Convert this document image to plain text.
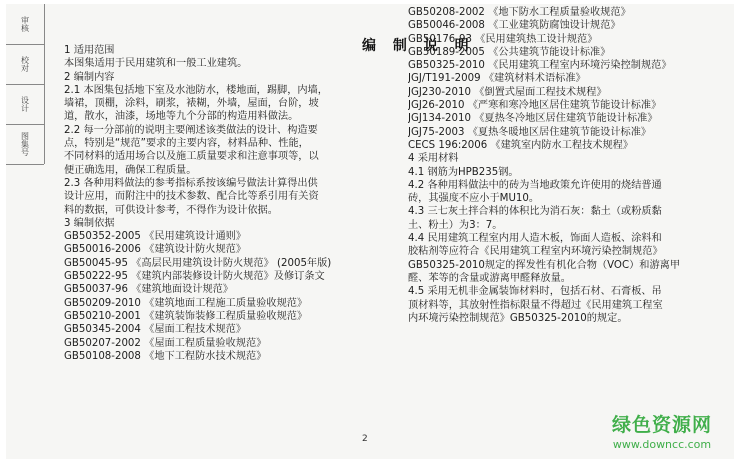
审核
校对
设计
图集号
编 制 说 明
1 适用范围
本图集适用于民用建筑和一般工业建筑。
2 编制内容
2.1 本图集包括地下室及水池防水，楼地面，踢脚，内墙，
墙裙，顶棚，涂料，刷浆，裱糊，外墙，屋面，台阶，坡
道，散水，油漆，场地等九个分部的构造用料做法。
2.2 每一分部前的说明主要阐述该类做法的设计、构造要
点，特别是“规范”要求的主要内容，材料品种、性能，
不同材料的适用场合以及施工质量要求和注意事项等，以
便正确选用，确保工程质量。
2.3 各种用料做法的参考指标系按该编号做法计算得出供
设计应用，而附注中的技术参数、配合比等系引用有关资
料的数据，可供设计参考，不得作为设计依据。
3 编制依据
GB50352-2005 《民用建筑设计通则》
GB50016-2006 《建筑设计防火规范》
GB50045-95 《高层民用建筑设计防火规范》 (2005年版)
GB50222-95 《建筑内部装修设计防火规范》及修订条文
GB50037-96 《建筑地面设计规范》
GB50209-2010 《建筑地面工程施工质量验收规范》
GB50210-2001 《建筑装饰装修工程质量验收规范》
GB50345-2004 《屋面工程技术规范》
GB50207-2002 《屋面工程质量验收规范》
GB50108-2008 《地下工程防水技术规范》
GB50208-2002 《地下防水工程质量验收规范》
GB50046-2008 《工业建筑防腐蚀设计规范》
GB50176-93 《民用建筑热工设计规范》
GB50189-2005 《公共建筑节能设计标准》
GB50325-2010 《民用建筑工程室内环境污染控制规范》
JGJ/T191-2009 《建筑材料术语标准》
JGJ230-2010 《倒置式屋面工程技术规程》
JGJ26-2010 《严寒和寒冷地区居住建筑节能设计标准》
JGJ134-2010 《夏热冬冷地区居住建筑节能设计标准》
JGJ75-2003 《夏热冬暖地区居住建筑节能设计标准》
CECS 196:2006 《建筑室内防水工程技术规程》
4 采用材料
4.1 钢筋为HPB235钢。
4.2 各种用料做法中的砖为当地政策允许使用的烧结普通
砖，其强度不应小于MU10。
4.3 三七灰土拌合料的体积比为消石灰：黏土（或粉质黏
土、粉土）为3：7。
4.4 民用建筑工程室内用人造木板，饰面人造板、涂料和
胶粘剂等应符合《民用建筑工程室内环境污染控制规范》
GB50325-2010规定的挥发性有机化合物（VOC）和游离甲
醛、苯等的含量或游离甲醛释放量。
4.5 采用无机非金属装饰材料时，包括石材、石膏板、吊
顶材料等，其放射性指标限量不得超过《民用建筑工程室
内环境污染控制规范》GB50325-2010的规定。
2
绿色资源网
www.downcc.com
